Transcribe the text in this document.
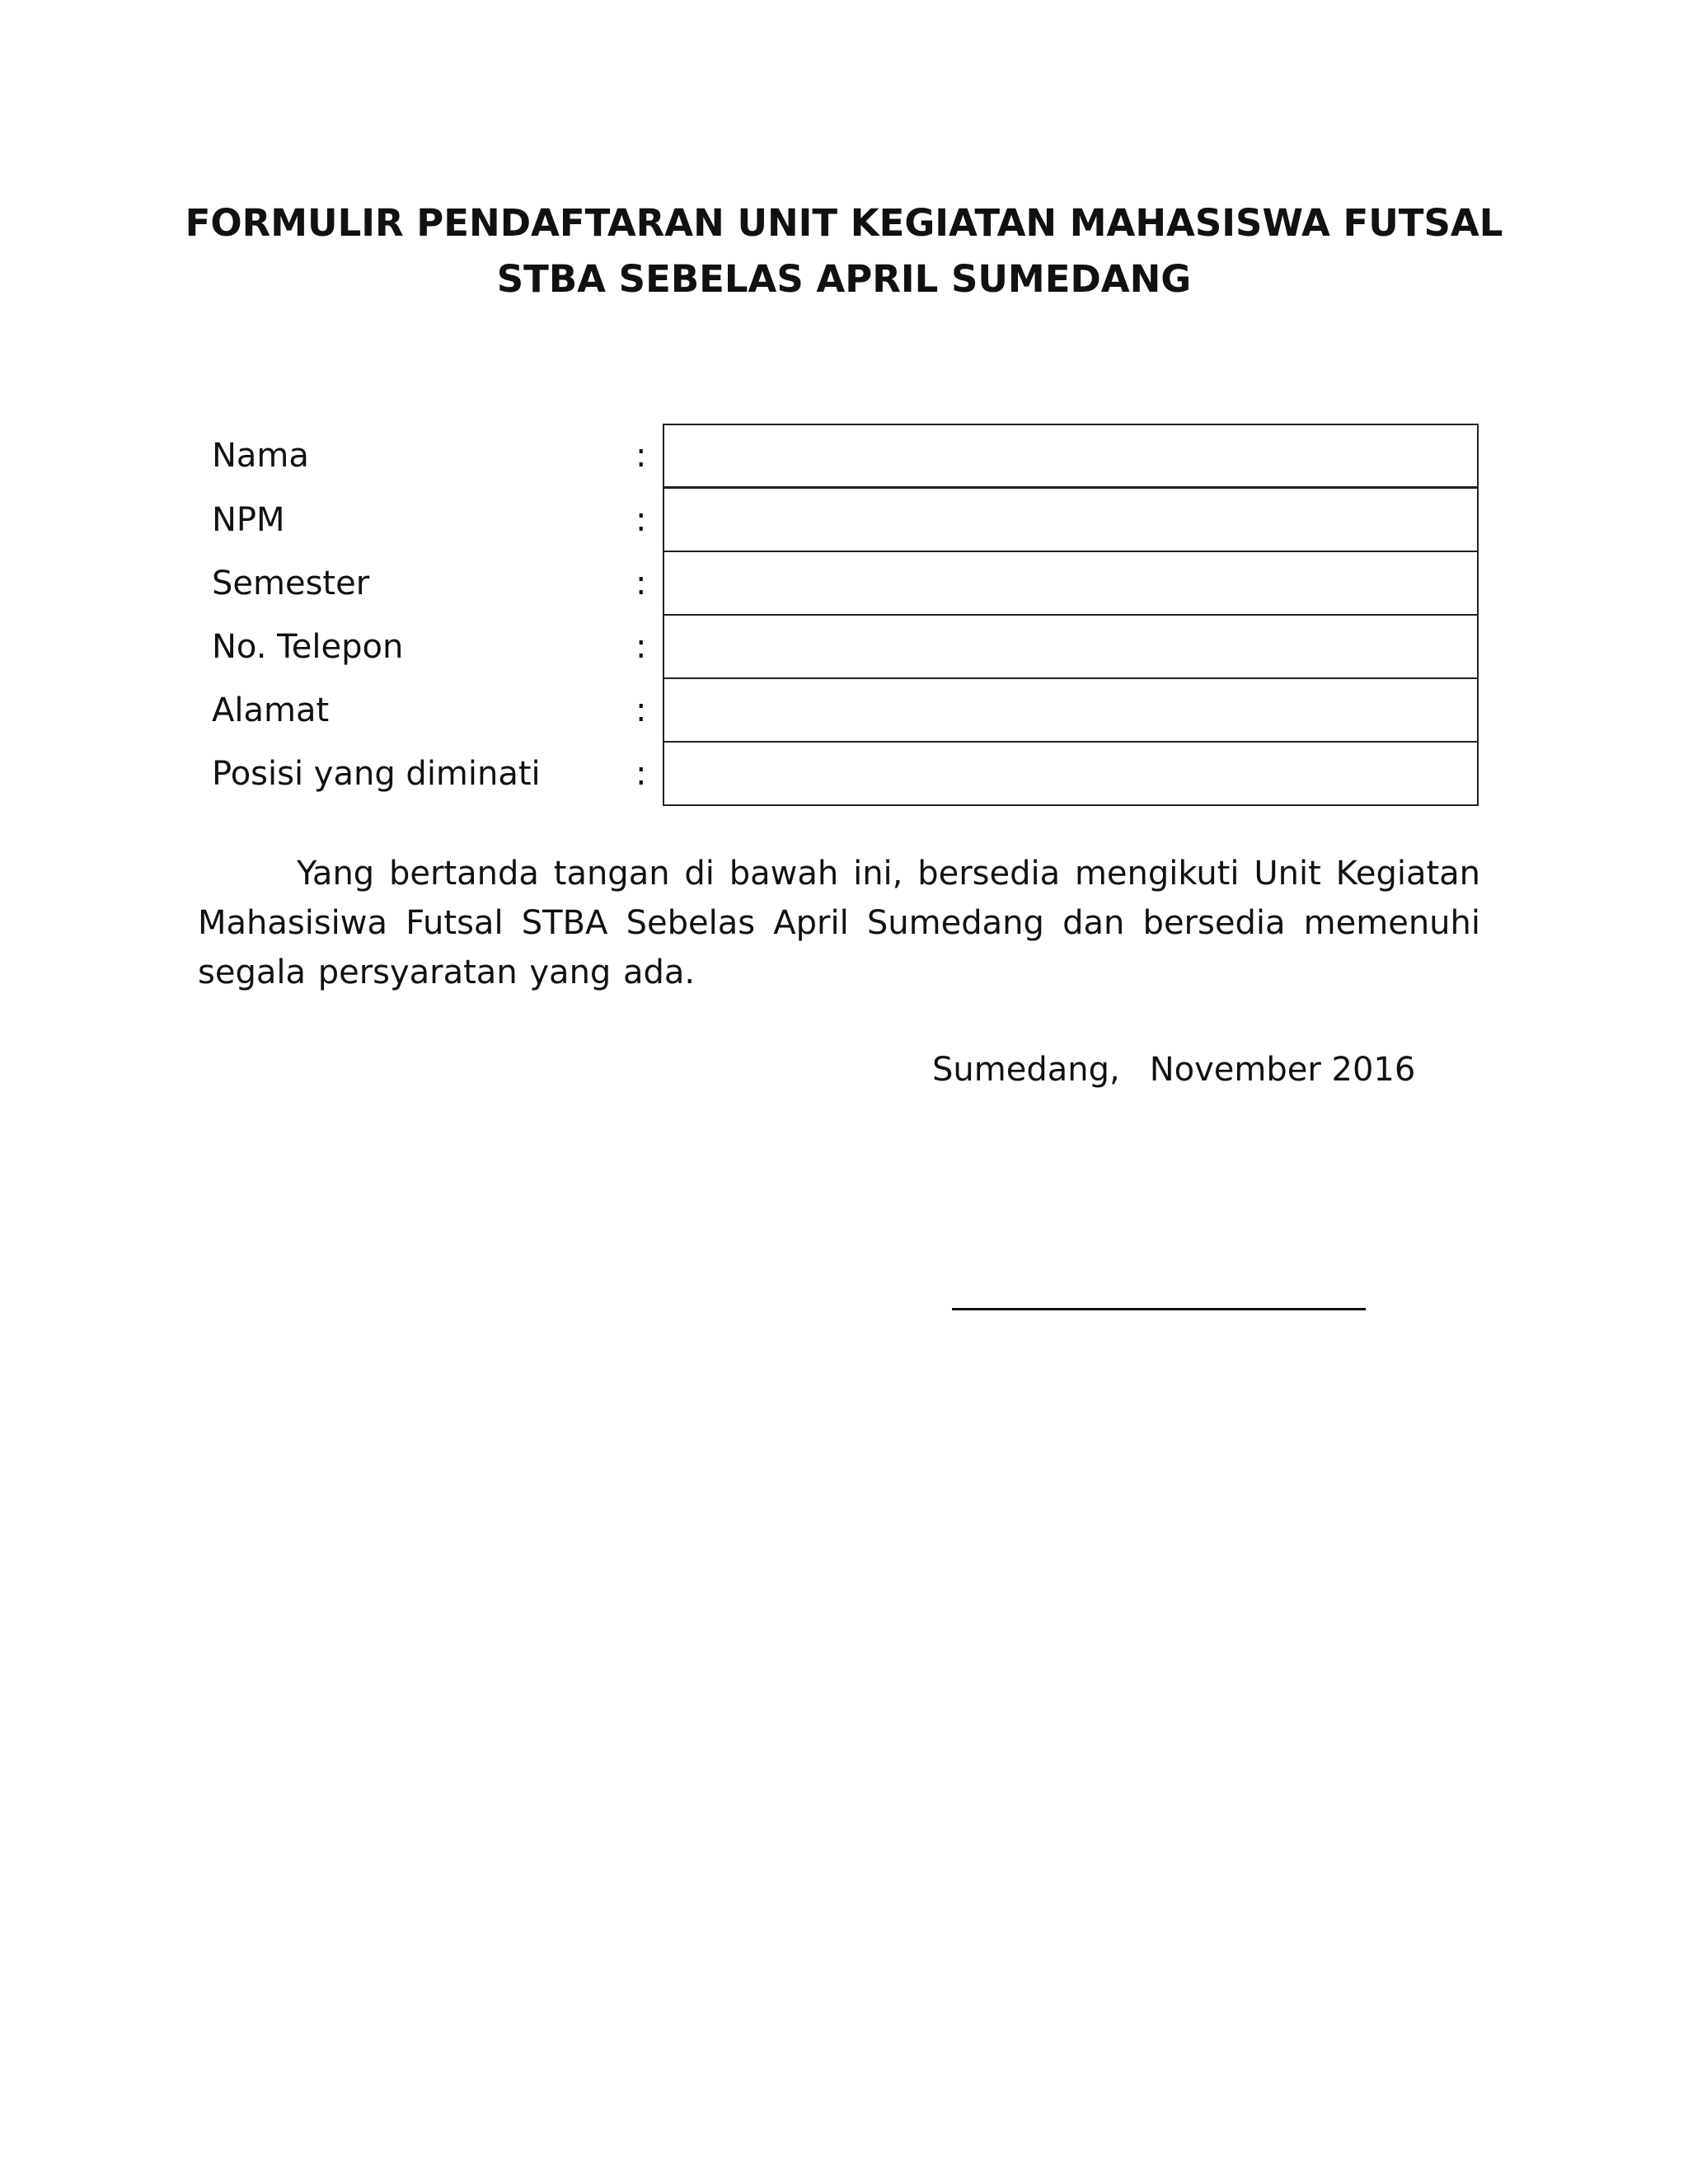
FORMULIR PENDAFTARAN UNIT KEGIATAN MAHASISWA FUTSAL
STBA SEBELAS APRIL SUMEDANG
Nama	:
NPM	:
Semester	:
No. Telepon	:
Alamat	:
Posisi yang diminati	:

Yang bertanda tangan di bawah ini, bersedia mengikuti Unit Kegiatan Mahasisiwa Futsal STBA Sebelas April Sumedang dan bersedia memenuhi segala persyaratan yang ada.

Sumedang, November 2016
